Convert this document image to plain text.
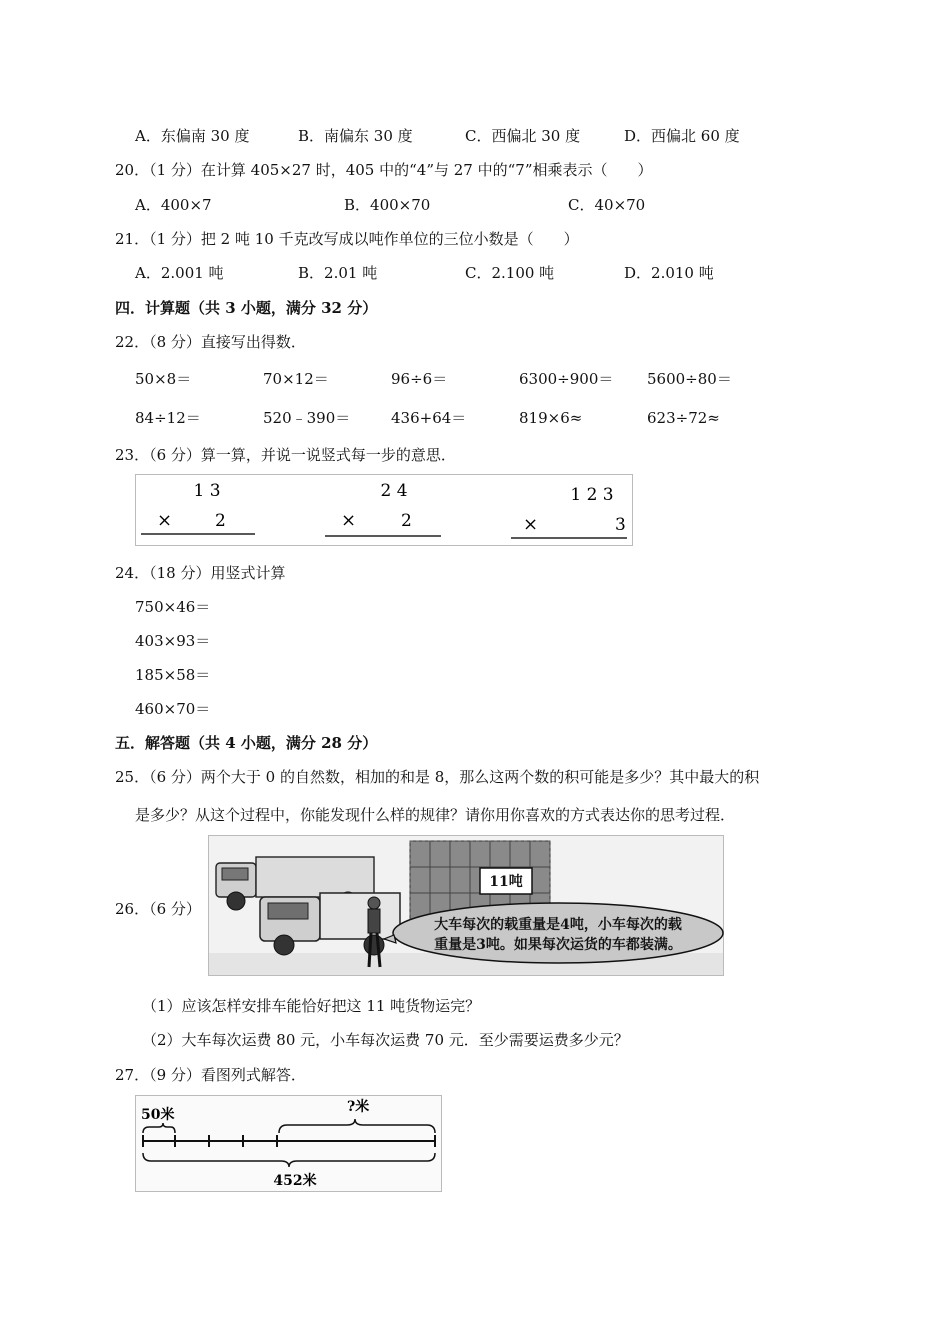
A．东偏南 30 度	B．南偏东 30 度	C．西偏北 30 度	D．西偏北 60 度
20．（1 分）在计算 405×27 时，405 中的“4”与 27 中的“7”相乘表示（　　）
A．400×7	B．400×70	C．40×70
21．（1 分）把 2 吨 10 千克改写成以吨作单位的三位小数是（　　）
A．2.001 吨	B．2.01 吨	C．2.100 吨	D．2.010 吨
四．计算题（共 3 小题，满分 32 分）
22．（8 分）直接写出得数．
50×8＝	70×12＝	96÷6＝	6300÷900＝ 5600÷80＝
84÷12＝	520﹣390＝	436+64＝	819×6≈	623÷72≈
23．（6 分）算一算，并说一说竖式每一步的意思．
1 3
×	2
2 4
×	2
1 2 3
×	3
24．（18 分）用竖式计算
750×46＝
403×93＝
185×58＝
460×70＝
五．解答题（共 4 小题，满分 28 分）
25．（6 分）两个大于 0 的自然数，相加的和是 8，那么这两个数的积可能是多少？其中最大的积
是多少？从这个过程中，你能发现什么样的规律？请你用你喜欢的方式表达你的思考过程．
26．（6 分）
11吨
大车每次的载重量是4吨，小车每次的载
重量是3吨。如果每次运货的车都装满。
（1）应该怎样安排车能恰好把这 11 吨货物运完？
（2）大车每次运费 80 元，小车每次运费 70 元．至少需要运费多少元？
27．（9 分）看图列式解答．
50米	?米
452米
